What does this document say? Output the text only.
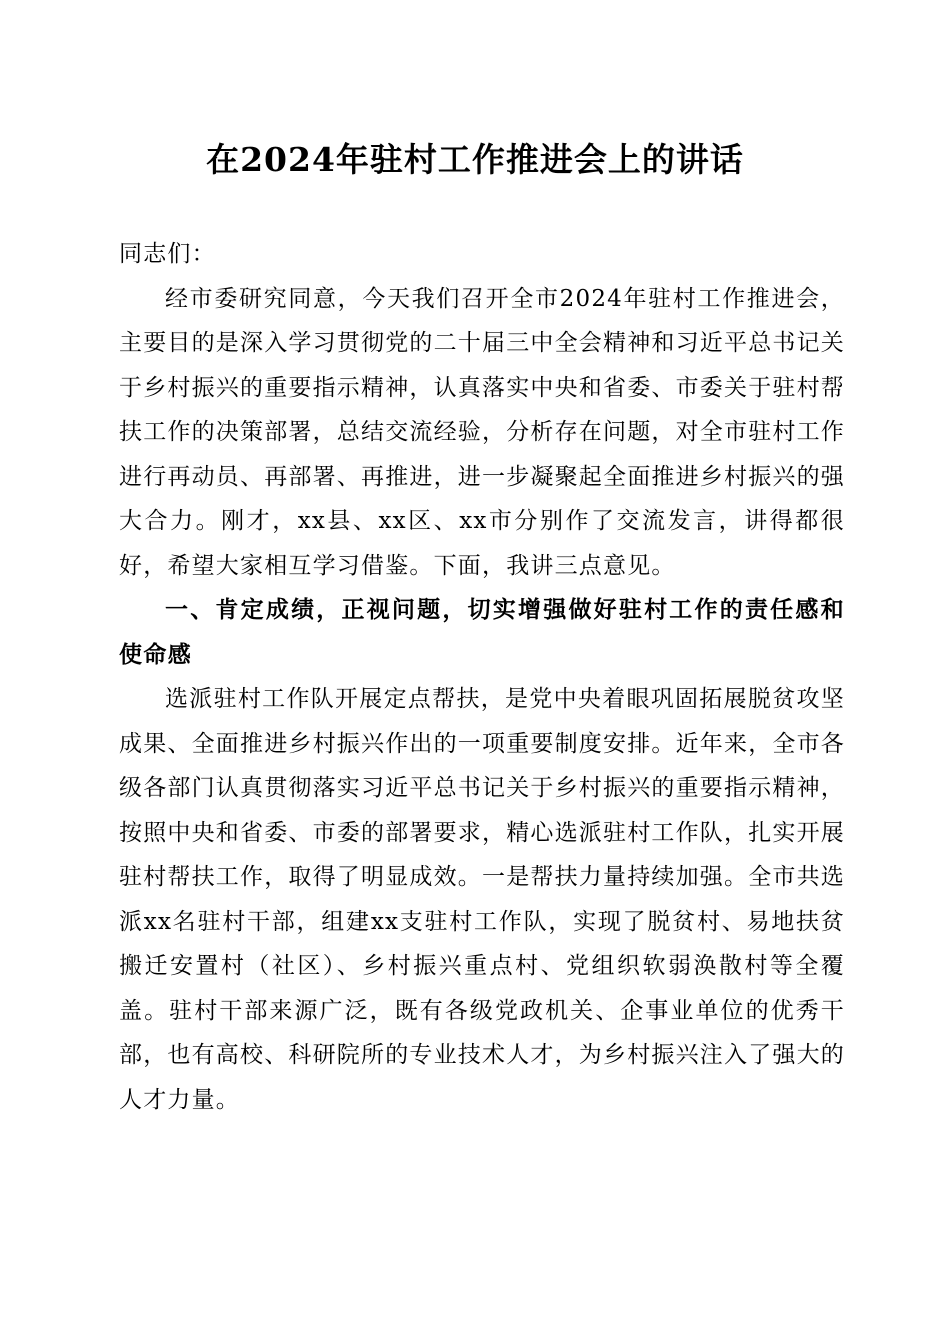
在2024年驻村工作推进会上的讲话

同志们：

经市委研究同意，今天我们召开全市2024年驻村工作推进会，主要目的是深入学习贯彻党的二十届三中全会精神和习近平总书记关于乡村振兴的重要指示精神，认真落实中央和省委、市委关于驻村帮扶工作的决策部署，总结交流经验，分析存在问题，对全市驻村工作进行再动员、再部署、再推进，进一步凝聚起全面推进乡村振兴的强大合力。刚才，xx县、xx区、xx市分别作了交流发言，讲得都很好，希望大家相互学习借鉴。下面，我讲三点意见。

一、肯定成绩，正视问题，切实增强做好驻村工作的责任感和使命感

选派驻村工作队开展定点帮扶，是党中央着眼巩固拓展脱贫攻坚成果、全面推进乡村振兴作出的一项重要制度安排。近年来，全市各级各部门认真贯彻落实习近平总书记关于乡村振兴的重要指示精神，按照中央和省委、市委的部署要求，精心选派驻村工作队，扎实开展驻村帮扶工作，取得了明显成效。一是帮扶力量持续加强。全市共选派xx名驻村干部，组建xx支驻村工作队，实现了脱贫村、易地扶贫搬迁安置村（社区）、乡村振兴重点村、党组织软弱涣散村等全覆盖。驻村干部来源广泛，既有各级党政机关、企事业单位的优秀干部，也有高校、科研院所的专业技术人才，为乡村振兴注入了强大的人才力量。
